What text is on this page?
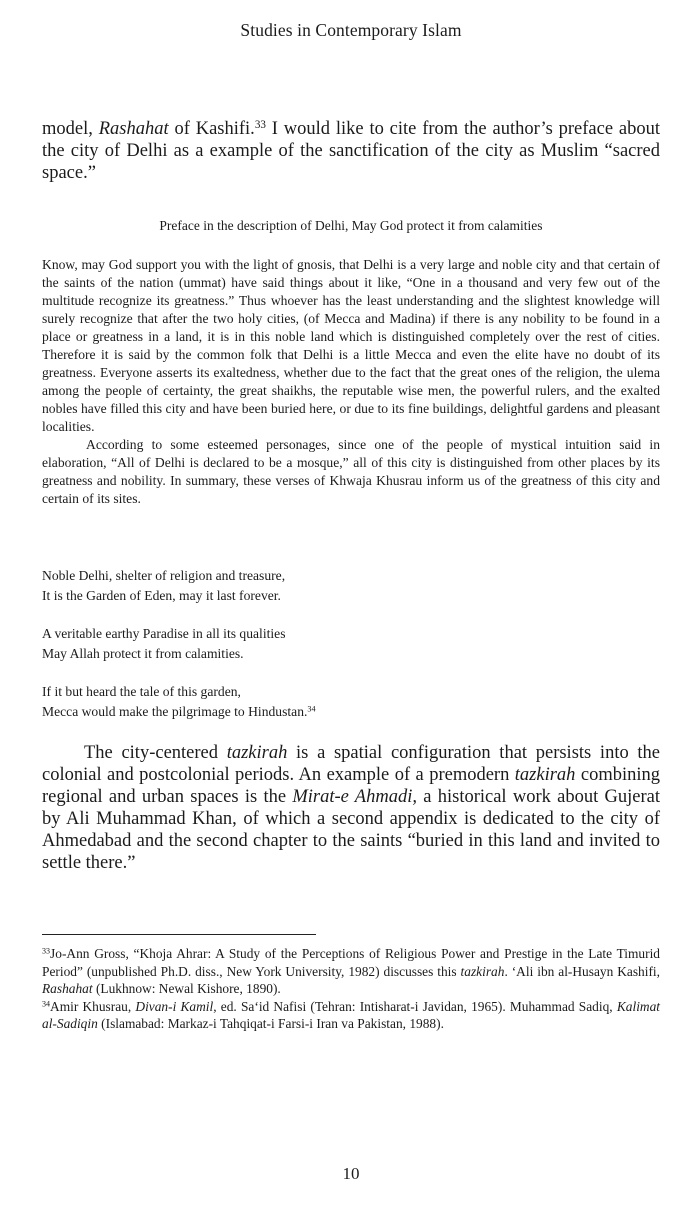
Studies in Contemporary Islam

model, Rashahat of Kashifi.$^{33}$ I would like to cite from the author’s preface about the city of Delhi as a example of the sanctification of the city as Muslim “sacred space.”

Preface in the description of Delhi, May God protect it from calamities

Know, may God support you with the light of gnosis, that Delhi is a very large and noble city and that certain of the saints of the nation (ummat) have said things about it like, “One in a thousand and very few out of the multitude recognize its greatness.” Thus whoever has the least understanding and the slightest knowledge will surely recognize that after the two holy cities, (of Mecca and Madina) if there is any nobility to be found in a place or greatness in a land, it is in this noble land which is distinguished completely over the rest of cities. Therefore it is said by the common folk that Delhi is a little Mecca and even the elite have no doubt of its greatness. Everyone asserts its exaltedness, whether due to the fact that the great ones of the religion, the ulema among the people of certainty, the great shaikhs, the reputable wise men, the powerful rulers, and the exalted nobles have filled this city and have been buried here, or due to its fine buildings, delightful gardens and pleasant localities.

According to some esteemed personages, since one of the people of mystical intuition said in elaboration, “All of Delhi is declared to be a mosque,” all of this city is distinguished from other places by its greatness and nobility. In summary, these verses of Khwaja Khusrau inform us of the greatness of this city and certain of its sites.

Noble Delhi, shelter of religion and treasure,
It is the Garden of Eden, may it last forever.
A veritable earthy Paradise in all its qualities
May Allah protect it from calamities.
If it but heard the tale of this garden,
Mecca would make the pilgrimage to Hindustan.$^{34}$

The city-centered tazkirah is a spatial configuration that persists into the colonial and postcolonial periods. An example of a premodern tazkirah combining regional and urban spaces is the Mirat-e Ahmadi, a historical work about Gujerat by Ali Muhammad Khan, of which a second appendix is dedicated to the city of Ahmedabad and the second chapter to the saints “buried in this land and invited to settle there.”

$^{33}$Jo-Ann Gross, “Khoja Ahrar: A Study of the Perceptions of Religious Power and Prestige in the Late Timurid Period” (unpublished Ph.D. diss., New York University, 1982) discusses this tazkirah. ‘Ali ibn al-Husayn Kashifi, Rashahat (Lukhnow: Newal Kishore, 1890).

$^{34}$Amir Khusrau, Divan-i Kamil, ed. Sa‘id Nafisi (Tehran: Intisharat-i Javidan, 1965). Muhammad Sadiq, Kalimat al-Sadiqin (Islamabad: Markaz-i Tahqiqat-i Farsi-i Iran va Pakistan, 1988).

10
